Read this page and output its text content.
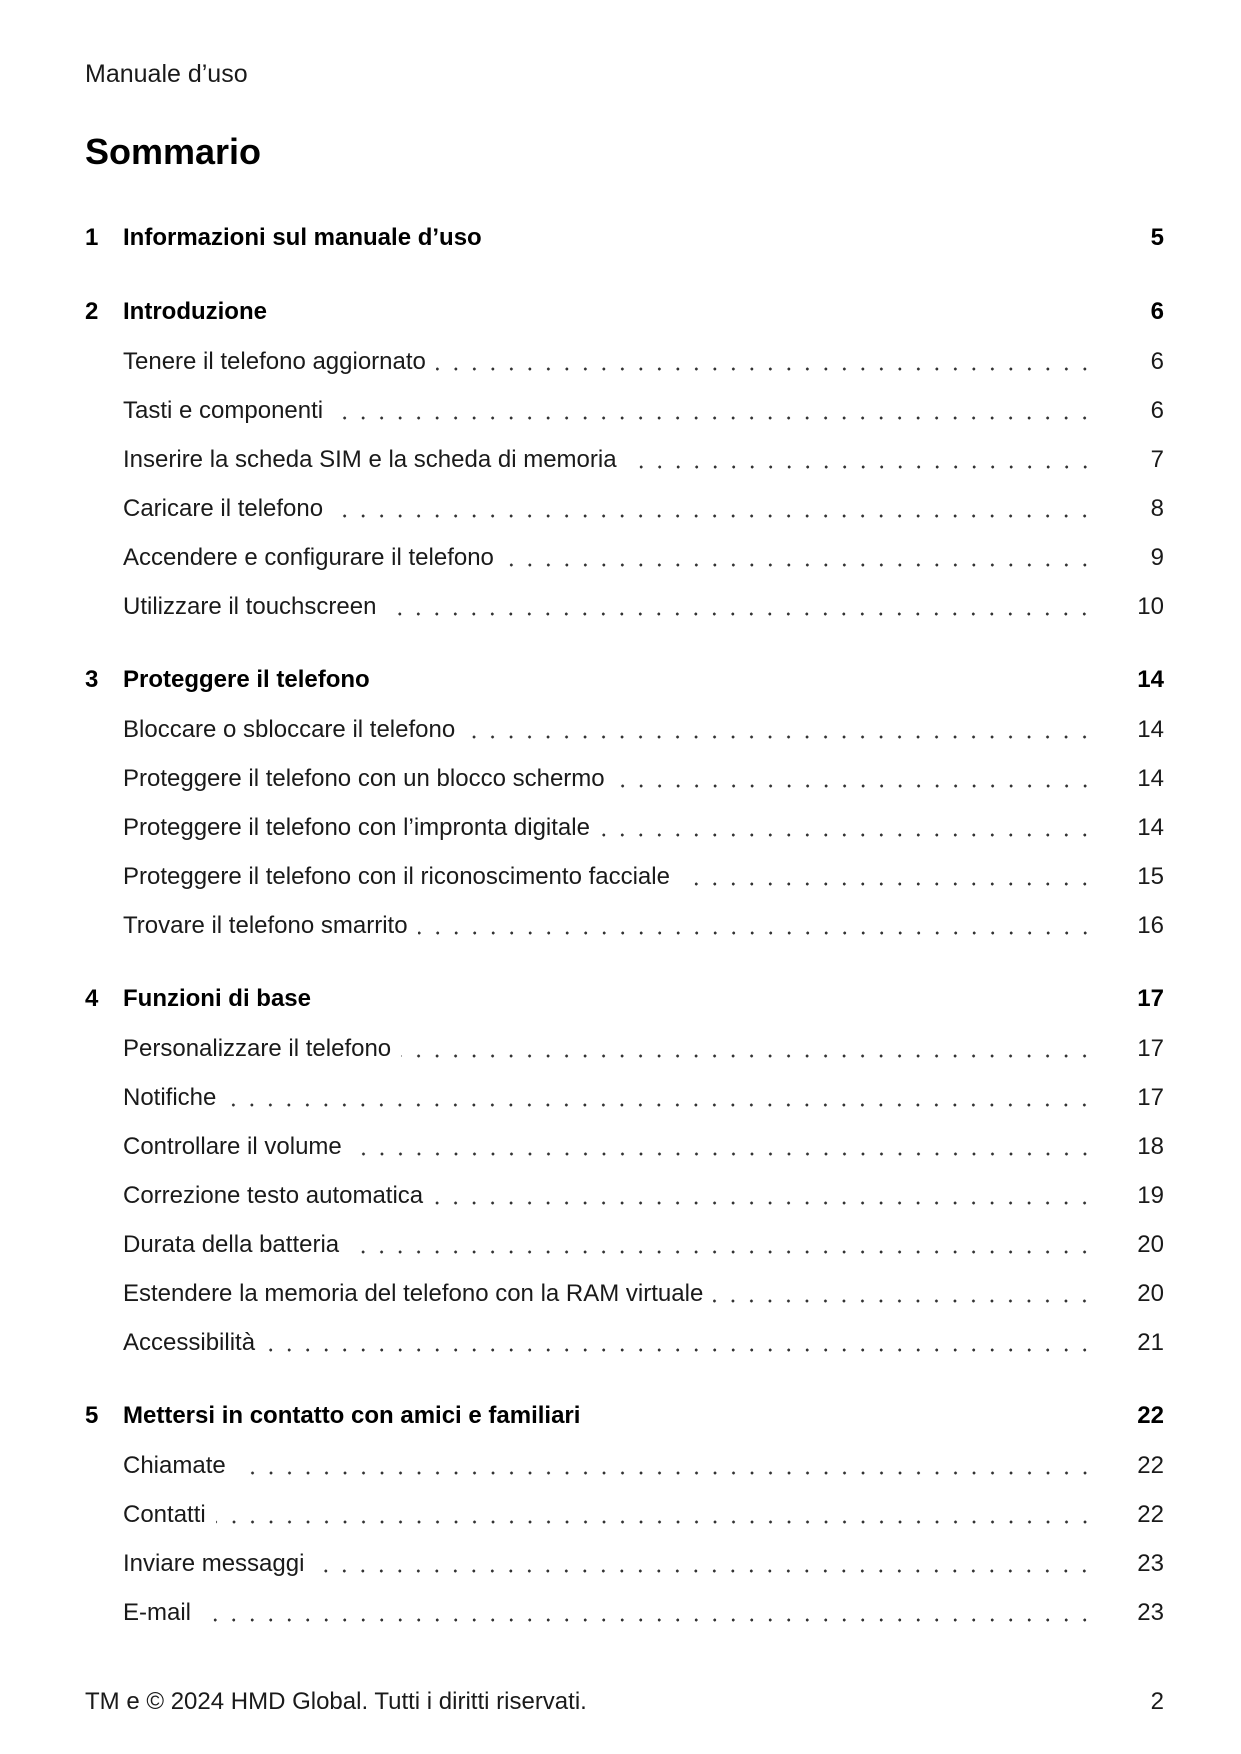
Manuale d’uso
Sommario
1	Informazioni sul manuale d’uso	5
2	Introduzione	6
Tenere il telefono aggiornato	6
Tasti e componenti	6
Inserire la scheda SIM e la scheda di memoria	7
Caricare il telefono	8
Accendere e configurare il telefono	9
Utilizzare il touchscreen	10
3	Proteggere il telefono	14
Bloccare o sbloccare il telefono	14
Proteggere il telefono con un blocco schermo	14
Proteggere il telefono con l’impronta digitale	14
Proteggere il telefono con il riconoscimento facciale	15
Trovare il telefono smarrito	16
4	Funzioni di base	17
Personalizzare il telefono	17
Notifiche	17
Controllare il volume	18
Correzione testo automatica	19
Durata della batteria	20
Estendere la memoria del telefono con la RAM virtuale	20
Accessibilità	21
5	Mettersi in contatto con amici e familiari	22
Chiamate	22
Contatti	22
Inviare messaggi	23
E-mail	23
TM e © 2024 HMD Global. Tutti i diritti riservati.	2
